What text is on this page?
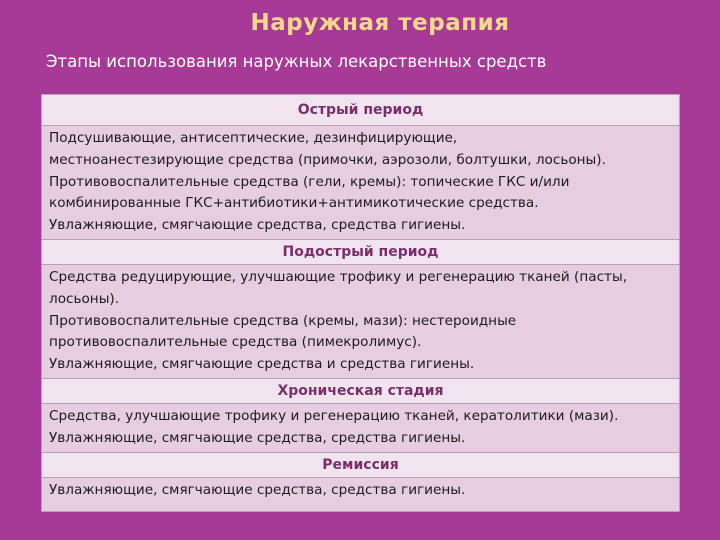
Наружная терапия
Этапы использования наружных лекарственных средств
Острый период
Подсушивающие, антисептические, дезинфицирующие,
местноанестезирующие средства (примочки, аэрозоли, болтушки, лосьоны).
Противовоспалительные средства (гели, кремы): топические ГКС и/или
комбинированные ГКС+антибиотики+антимикотические средства.
Увлажняющие, смягчающие средства, средства гигиены.
Подострый период
Средства редуцирующие, улучшающие трофику и регенерацию тканей (пасты,
лосьоны).
Противовоспалительные средства (кремы, мази): нестероидные
противовоспалительные средства (пимекролимус).
Увлажняющие, смягчающие средства и средства гигиены.
Хроническая стадия
Средства, улучшающие трофику и регенерацию тканей, кератолитики (мази).
Увлажняющие, смягчающие средства, средства гигиены.
Ремиссия
Увлажняющие, смягчающие средства, средства гигиены.
